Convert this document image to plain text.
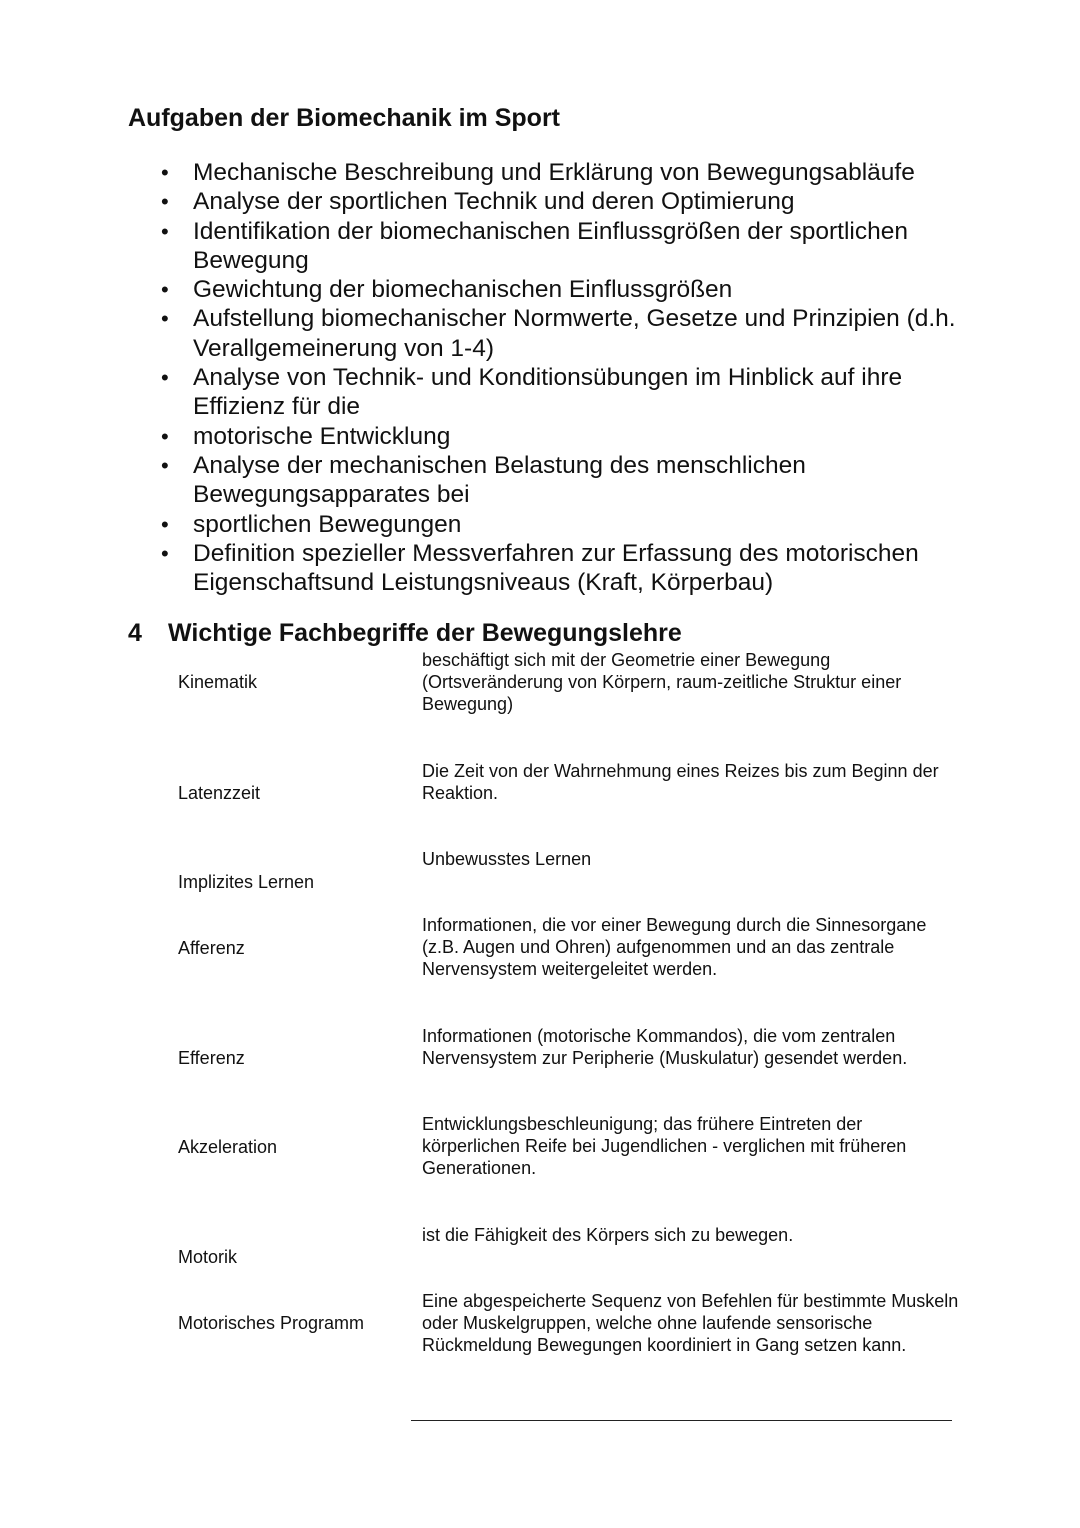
Aufgaben der Biomechanik im Sport
• Mechanische Beschreibung und Erklärung von Bewegungsabläufe
• Analyse der sportlichen Technik und deren Optimierung
• Identifikation der biomechanischen Einflussgrößen der sportlichen Bewegung
• Gewichtung der biomechanischen Einflussgrößen
• Aufstellung biomechanischer Normwerte, Gesetze und Prinzipien (d.h. Verallgemeinerung von 1-4)
• Analyse von Technik- und Konditionsübungen im Hinblick auf ihre Effizienz für die
• motorische Entwicklung
• Analyse der mechanischen Belastung des menschlichen Bewegungsapparates bei
• sportlichen Bewegungen
• Definition spezieller Messverfahren zur Erfassung des motorischen Eigenschaftsund Leistungsniveaus (Kraft, Körperbau)
4 Wichtige Fachbegriffe der Bewegungslehre
Kinematik
beschäftigt sich mit der Geometrie einer Bewegung (Ortsveränderung von Körpern, raum-zeitliche Struktur einer Bewegung)
Latenzzeit
Die Zeit von der Wahrnehmung eines Reizes bis zum Beginn der Reaktion.
Implizites Lernen
Unbewusstes Lernen
Afferenz
Informationen, die vor einer Bewegung durch die Sinnesorgane (z.B. Augen und Ohren) aufgenommen und an das zentrale Nervensystem weitergeleitet werden.
Efferenz
Informationen (motorische Kommandos), die vom zentralen Nervensystem zur Peripherie (Muskulatur) gesendet werden.
Akzeleration
Entwicklungsbeschleunigung; das frühere Eintreten der körperlichen Reife bei Jugendlichen - verglichen mit früheren Generationen.
Motorik
ist die Fähigkeit des Körpers sich zu bewegen.
Motorisches Programm
Eine abgespeicherte Sequenz von Befehlen für bestimmte Muskeln oder Muskelgruppen, welche ohne laufende sensorische Rückmeldung Bewegungen koordiniert in Gang setzen kann.
